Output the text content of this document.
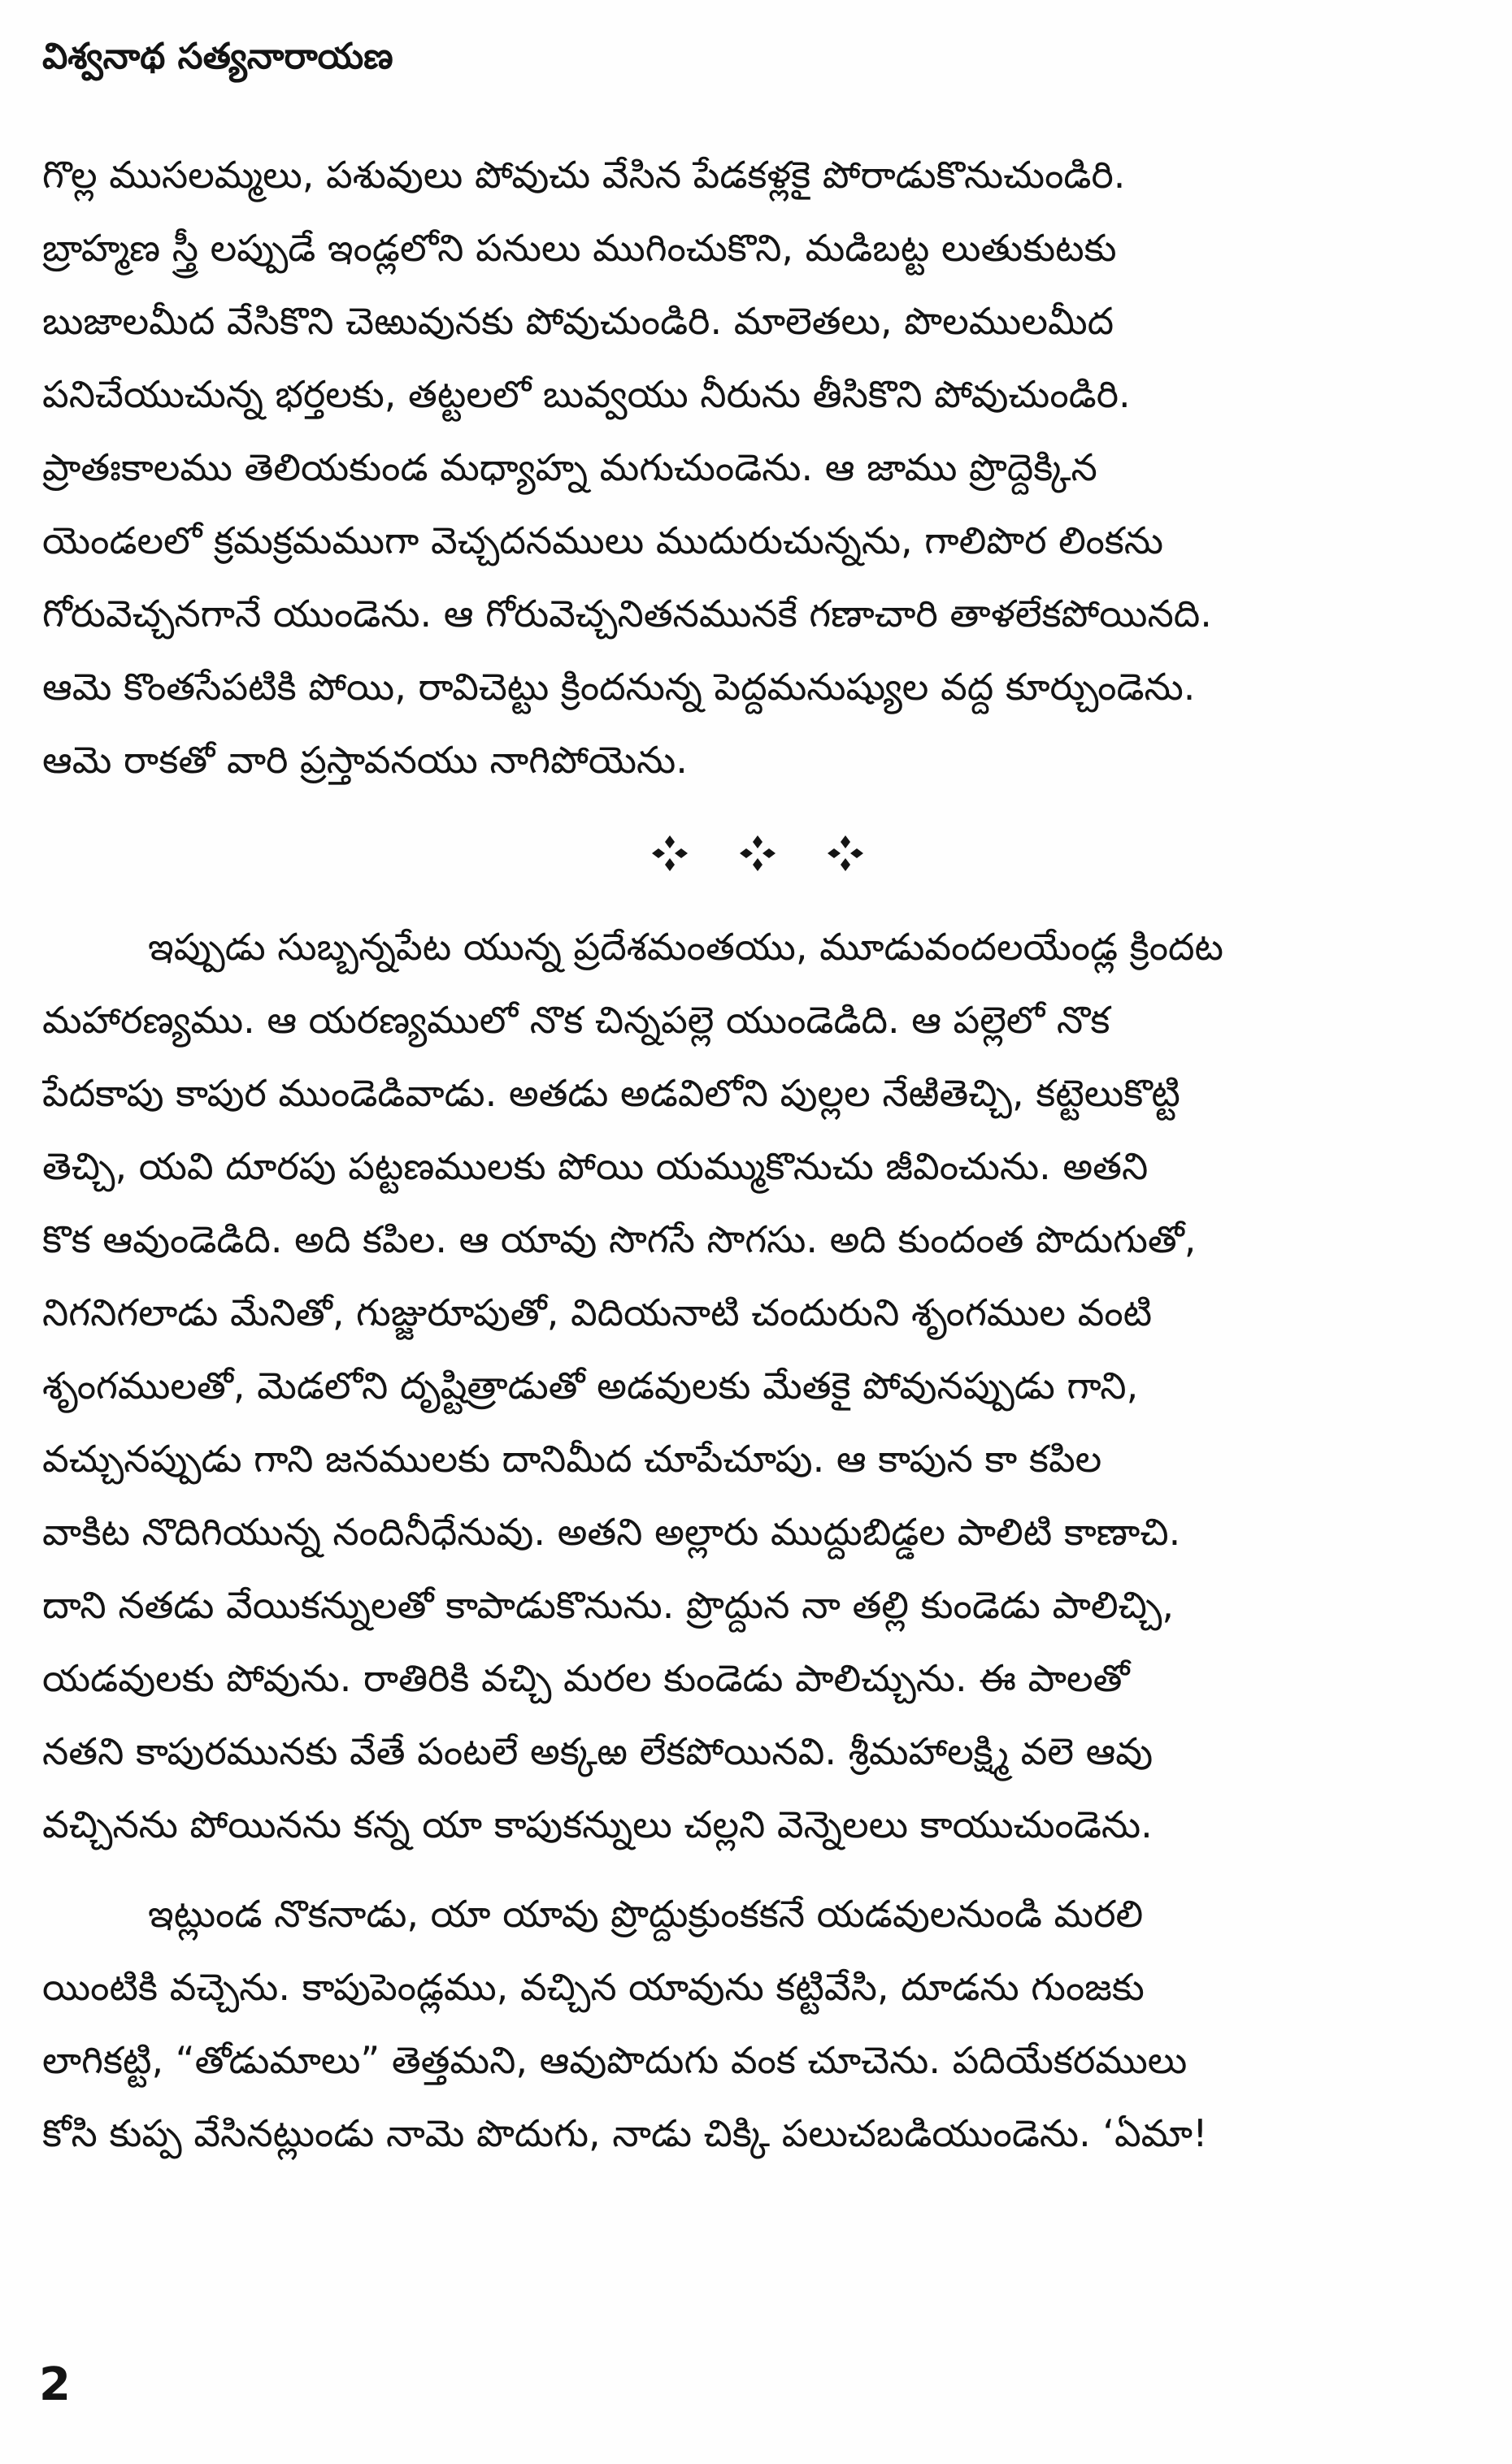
విశ్వనాథ సత్యనారాయణ
గొల్ల ముసలమ్మలు, పశువులు పోవుచు వేసిన పేడకళ్లకై పోరాడుకొనుచుండిరి.
బ్రాహ్మణ స్త్రీ లప్పుడే ఇండ్లలోని పనులు ముగించుకొని, మడిబట్ట లుతుకుటకు
బుజాలమీద వేసికొని చెఱువునకు పోవుచుండిరి. మాలెతలు, పొలములమీద
పనిచేయుచున్న భర్తలకు, తట్టలలో బువ్వయు నీరును తీసికొని పోవుచుండిరి.
ప్రాతఃకాలము తెలియకుండ మధ్యాహ్న మగుచుండెను. ఆ జాము ప్రొద్దెక్కిన
యెండలలో క్రమక్రమముగా వెచ్చదనములు ముదురుచున్నను, గాలిపొర లింకను
గోరువెచ్చనగానే యుండెను. ఆ గోరువెచ్చనితనమునకే గణాచారి తాళలేకపోయినది.
ఆమె కొంతసేపటికి పోయి, రావిచెట్టు క్రిందనున్న పెద్దమనుష్యుల వద్ద కూర్చుండెను.
ఆమె రాకతో వారి ప్రస్తావనయు నాగిపోయెను.
ఇప్పుడు సుబ్బన్నపేట యున్న ప్రదేశమంతయు, మూడువందలయేండ్ల క్రిందట
మహారణ్యము. ఆ యరణ్యములో నొక చిన్నపల్లె యుండెడిది. ఆ పల్లెలో నొక
పేదకాపు కాపుర ముండెడివాడు. అతడు అడవిలోని పుల్లల నేఱితెచ్చి, కట్టెలుకొట్టి
తెచ్చి, యవి దూరపు పట్టణములకు పోయి యమ్ముకొనుచు జీవించును. అతని
కొక ఆవుండెడిది. అది కపిల. ఆ యావు సొగసే సొగసు. అది కుందంత పొదుగుతో,
నిగనిగలాడు మేనితో, గుజ్జురూపుతో, విదియనాటి చందురుని శృంగముల వంటి
శృంగములతో, మెడలోని దృష్టిత్రాడుతో అడవులకు మేతకై పోవునప్పుడు గాని,
వచ్చునప్పుడు గాని జనములకు దానిమీద చూపేచూపు. ఆ కాపున కా కపిల
వాకిట నొదిగియున్న నందినీధేనువు. అతని అల్లారు ముద్దుబిడ్డల పాలిటి కాణాచి.
దాని నతడు వేయికన్నులతో కాపాడుకొనును. ప్రొద్దున నా తల్లి కుండెడు పాలిచ్చి,
యడవులకు పోవును. రాతిరికి వచ్చి మరల కుండెడు పాలిచ్చును. ఈ పాలతో
నతని కాపురమునకు వేతే పంటలే అక్కఱ లేకపోయినవి. శ్రీమహాలక్ష్మి వలె ఆవు
వచ్చినను పోయినను కన్న యా కాపుకన్నులు చల్లని వెన్నెలలు కాయుచుండెను.
ఇట్లుండ నొకనాడు, యా యావు ప్రొద్దుక్రుంకకనే యడవులనుండి మరలి
యింటికి వచ్చెను. కాపుపెండ్లము, వచ్చిన యావును కట్టివేసి, దూడను గుంజకు
లాగికట్టి, “తోడుమాలు” తెత్తమని, ఆవుపొదుగు వంక చూచెను. పదియేకరములు
కోసి కుప్ప వేసినట్లుండు నామె పొదుగు, నాడు చిక్కి పలుచబడియుండెను. ‘ఏమా!
2
